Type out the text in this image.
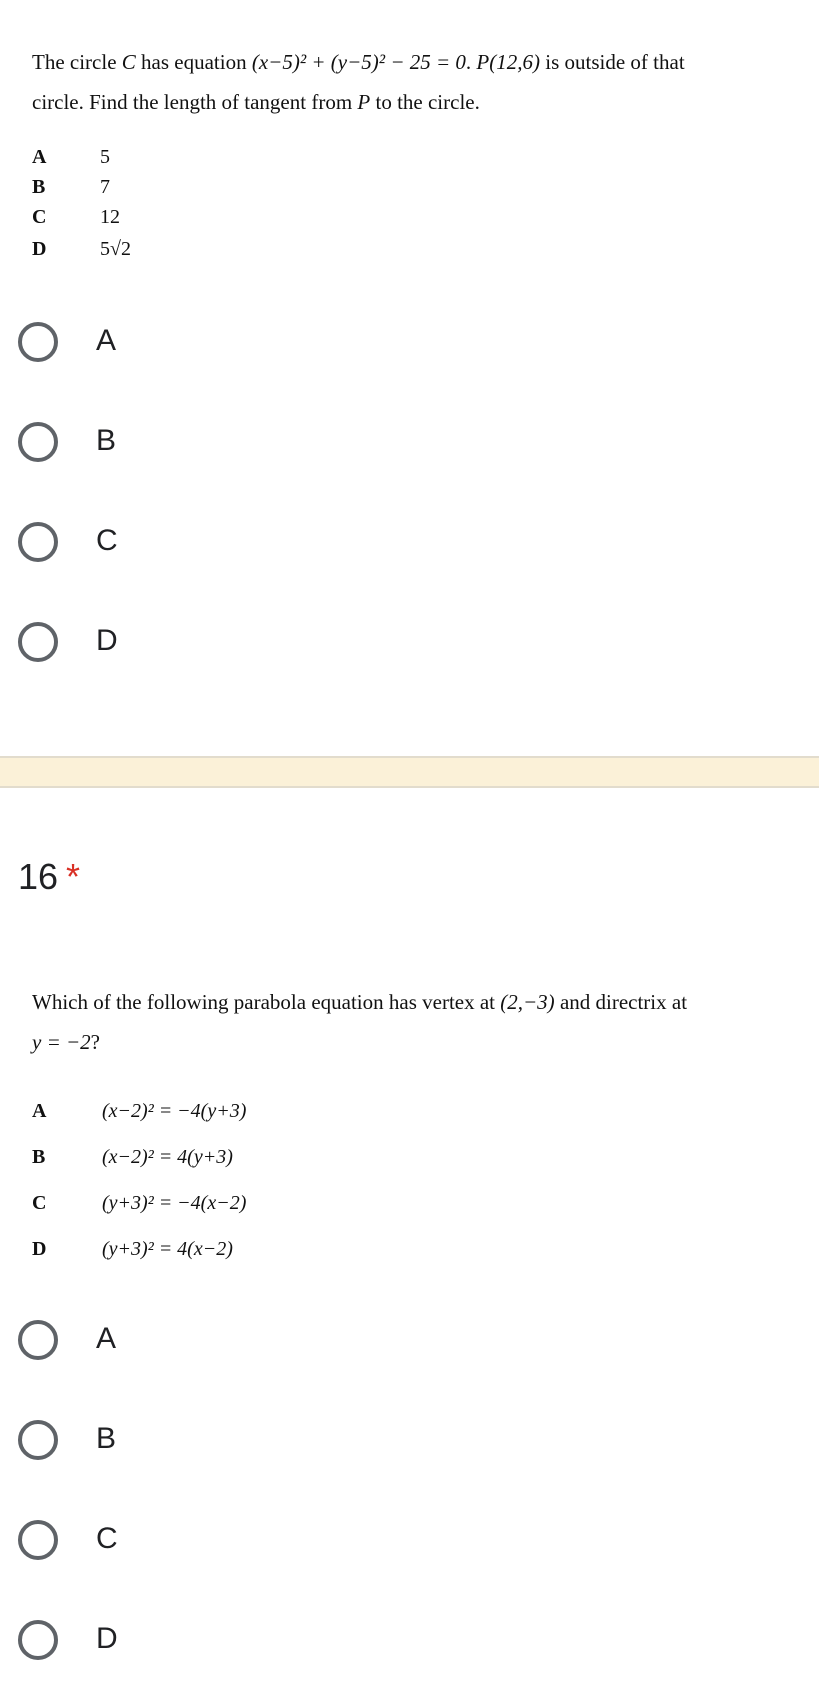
The circle C has equation (x−5)² + (y−5)² − 25 = 0. P(12,6) is outside of that
circle. Find the length of tangent from P to the circle.
A	5
B	7
C	12
D	5√2
A
B
C
D
16 *
Which of the following parabola equation has vertex at (2,−3) and directrix at
y = −2?
A	(x−2)² = −4(y+3)
B	(x−2)² = 4(y+3)
C	(y+3)² = −4(x−2)
D	(y+3)² = 4(x−2)
A
B
C
D
